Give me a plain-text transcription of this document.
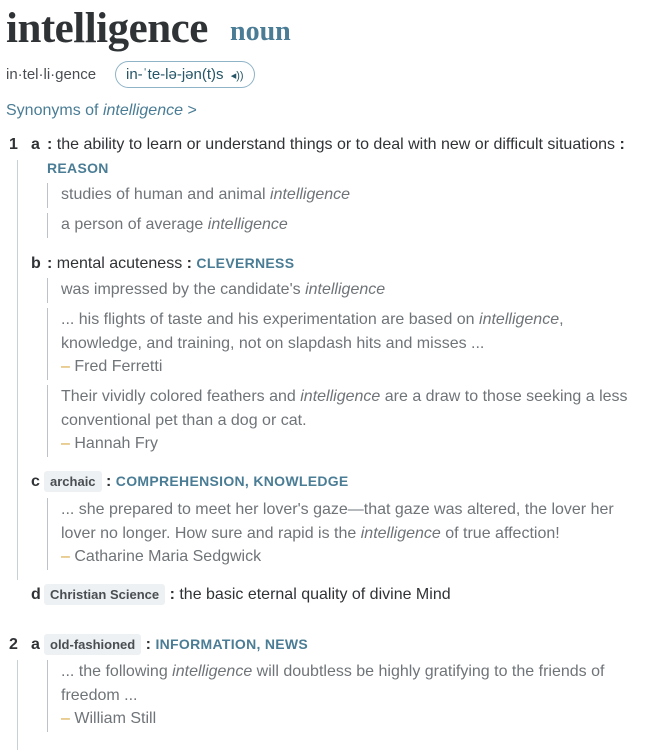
intelligence noun
in·tel·li·gence	in-ˈte-lə-jən(t)s ◂))
Synonyms of intelligence >
1 a : the ability to learn or understand things or to deal with new or difficult situations :
REASON
studies of human and animal intelligence
a person of average intelligence
b : mental acuteness : CLEVERNESS
was impressed by the candidate's intelligence
... his flights of taste and his experimentation are based on intelligence,
knowledge, and training, not on slapdash hits and misses ...
– Fred Ferretti
Their vividly colored feathers and intelligence are a draw to those seeking a less
conventional pet than a dog or cat.
– Hannah Fry
c archaic : COMPREHENSION, KNOWLEDGE
... she prepared to meet her lover's gaze—that gaze was altered, the lover her
lover no longer. How sure and rapid is the intelligence of true affection!
– Catharine Maria Sedgwick
d Christian Science : the basic eternal quality of divine Mind
2 a old-fashioned : INFORMATION, NEWS
... the following intelligence will doubtless be highly gratifying to the friends of
freedom ...
– William Still
